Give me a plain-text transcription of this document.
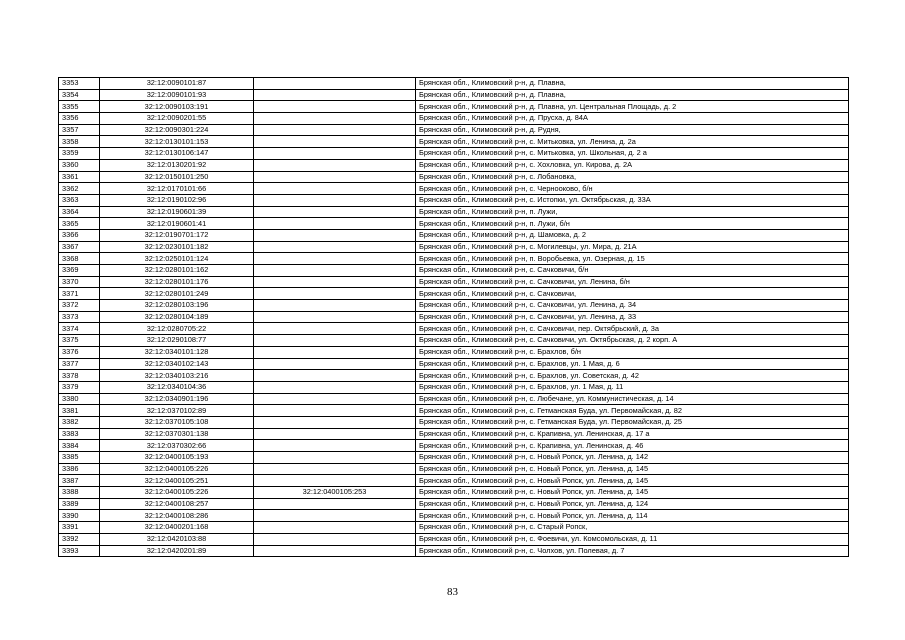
3353	32:12:0090101:87		Брянская обл., Климовский р-н, д. Плавна,
3354	32:12:0090101:93		Брянская обл., Климовский р-н, д. Плавна,
3355	32:12:0090103:191		Брянская обл., Климовский р-н, д. Плавна, ул. Центральная Площадь, д. 2
3356	32:12:0090201:55		Брянская обл., Климовский р-н, д. Прусха, д. 84А
3357	32:12:0090301:224		Брянская обл., Климовский р-н, д. Рудня,
3358	32:12:0130101:153		Брянская обл., Климовский р-н, с. Митьковка, ул. Ленина, д. 2а
3359	32:12:0130106:147		Брянская обл., Климовский р-н, с. Митьковка, ул. Школьная, д. 2 а
3360	32:12:0130201:92		Брянская обл., Климовский р-н, с. Хохловка, ул. Кирова, д. 2А
3361	32:12:0150101:250		Брянская обл., Климовский р-н, с. Лобановка,
3362	32:12:0170101:66		Брянская обл., Климовский р-н, с. Чернооково, б/н
3363	32:12:0190102:96		Брянская обл., Климовский р-н, с. Истопки, ул. Октябрьская, д. 33А
3364	32:12:0190601:39		Брянская обл., Климовский р-н, п. Лужи,
3365	32:12:0190601:41		Брянская обл., Климовский р-н, п. Лужи, б/н
3366	32:12:0190701:172		Брянская обл., Климовский р-н, д. Шамовка, д. 2
3367	32:12:0230101:182		Брянская обл., Климовский р-н, с. Могилевцы, ул. Мира, д. 21А
3368	32:12:0250101:124		Брянская обл., Климовский р-н, п. Воробьевка, ул. Озерная, д. 15
3369	32:12:0280101:162		Брянская обл., Климовский р-н, с. Сачковичи, б/н
3370	32:12:0280101:176		Брянская обл., Климовский р-н, с. Сачковичи, ул. Ленина, б/н
3371	32:12:0280101:249		Брянская обл., Климовский р-н, с. Сачковичи,
3372	32:12:0280103:196		Брянская обл., Климовский р-н, с. Сачковичи, ул. Ленина, д. 34
3373	32:12:0280104:189		Брянская обл., Климовский р-н, с. Сачковичи, ул. Ленина, д. 33
3374	32:12:0280705:22		Брянская обл., Климовский р-н, с. Сачковичи, пер. Октябрьский, д. 3а
3375	32:12:0290108:77		Брянская обл., Климовский р-н, с. Сачковичи, ул. Октябрьская, д. 2 корп. А
3376	32:12:0340101:128		Брянская обл., Климовский р-н, с. Брахлов, б/н
3377	32:12:0340102:143		Брянская обл., Климовский р-н, с. Брахлов, ул. 1 Мая, д. 6
3378	32:12:0340103:216		Брянская обл., Климовский р-н, с. Брахлов, ул. Советская, д. 42
3379	32:12:0340104:36		Брянская обл., Климовский р-н, с. Брахлов, ул. 1 Мая, д. 11
3380	32:12:0340901:196		Брянская обл., Климовский р-н, с. Любечане, ул. Коммунистическая, д. 14
3381	32:12:0370102:89		Брянская обл., Климовский р-н, с. Гетманская Буда, ул. Первомайская, д. 82
3382	32:12:0370105:108		Брянская обл., Климовский р-н, с. Гетманская Буда, ул. Первомайская, д. 25
3383	32:12:0370301:138		Брянская обл., Климовский р-н, с. Крапивна, ул. Ленинская, д. 17 а
3384	32:12:0370302:66		Брянская обл., Климовский р-н, с. Крапивна, ул. Ленинская, д. 46
3385	32:12:0400105:193		Брянская обл., Климовский р-н, с. Новый Ропск, ул. Ленина, д. 142
3386	32:12:0400105:226		Брянская обл., Климовский р-н, с. Новый Ропск, ул. Ленина, д. 145
3387	32:12:0400105:251		Брянская обл., Климовский р-н, с. Новый Ропск, ул. Ленина, д. 145
3388	32:12:0400105:226	32:12:0400105:253	Брянская обл., Климовский р-н, с. Новый Ропск, ул. Ленина, д. 145
3389	32:12:0400108:257		Брянская обл., Климовский р-н, с. Новый Ропск, ул. Ленина, д. 124
3390	32:12:0400108:286		Брянская обл., Климовский р-н, с. Новый Ропск, ул. Ленина, д. 114
3391	32:12:0400201:168		Брянская обл., Климовский р-н, с. Старый Ропск,
3392	32:12:0420103:88		Брянская обл., Климовский р-н, с. Фоевичи, ул. Комсомольская, д. 11
3393	32:12:0420201:89		Брянская обл., Климовский р-н, с. Чолхов, ул. Полевая, д. 7
83
